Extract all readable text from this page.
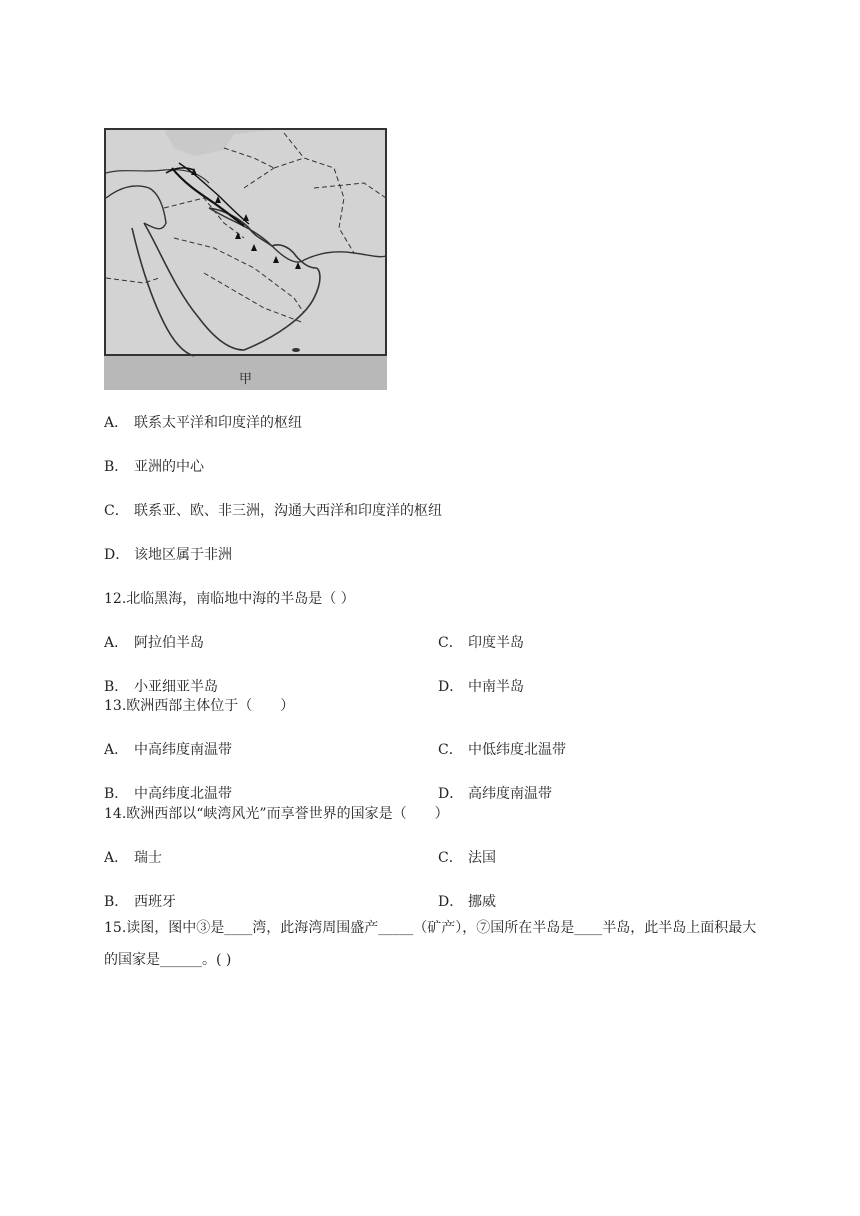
甲
A． 联系太平洋和印度洋的枢纽
B． 亚洲的中心
C． 联系亚、欧、非三洲，沟通大西洋和印度洋的枢纽
D． 该地区属于非洲
12.北临黑海，南临地中海的半岛是（ ）
A． 阿拉伯半岛	C． 印度半岛
B． 小亚细亚半岛	D． 中南半岛
13.欧洲西部主体位于（　　）
A． 中高纬度南温带	C． 中低纬度北温带
B． 中高纬度北温带	D． 高纬度南温带
14.欧洲西部以“峡湾风光”而享誉世界的国家是（　　）
A． 瑞士	C． 法国
B． 西班牙	D． 挪威
15.读图，图中③是____湾，此海湾周围盛产_____（矿产），⑦国所在半岛是____半岛，此半岛上面积最大的国家是______。( )
